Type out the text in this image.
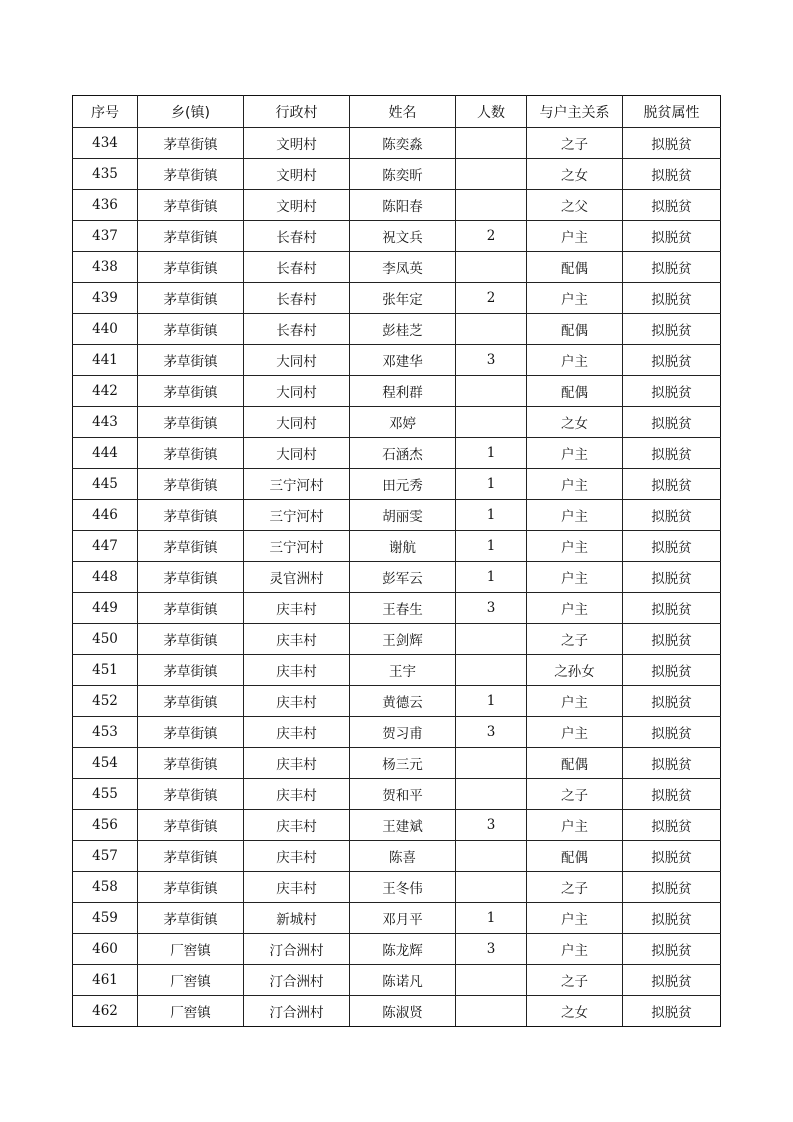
序号	乡(镇)	行政村	姓名	人数	与户主关系	脱贫属性
434	茅草街镇	文明村	陈奕淼		之子	拟脱贫
435	茅草街镇	文明村	陈奕昕		之女	拟脱贫
436	茅草街镇	文明村	陈阳春		之父	拟脱贫
437	茅草街镇	长春村	祝文兵	2	户主	拟脱贫
438	茅草街镇	长春村	李凤英		配偶	拟脱贫
439	茅草街镇	长春村	张年定	2	户主	拟脱贫
440	茅草街镇	长春村	彭桂芝		配偶	拟脱贫
441	茅草街镇	大同村	邓建华	3	户主	拟脱贫
442	茅草街镇	大同村	程利群		配偶	拟脱贫
443	茅草街镇	大同村	邓婷		之女	拟脱贫
444	茅草街镇	大同村	石涵杰	1	户主	拟脱贫
445	茅草街镇	三宁河村	田元秀	1	户主	拟脱贫
446	茅草街镇	三宁河村	胡丽雯	1	户主	拟脱贫
447	茅草街镇	三宁河村	谢航	1	户主	拟脱贫
448	茅草街镇	灵官洲村	彭军云	1	户主	拟脱贫
449	茅草街镇	庆丰村	王春生	3	户主	拟脱贫
450	茅草街镇	庆丰村	王剑辉		之子	拟脱贫
451	茅草街镇	庆丰村	王宇		之孙女	拟脱贫
452	茅草街镇	庆丰村	黄德云	1	户主	拟脱贫
453	茅草街镇	庆丰村	贺习甫	3	户主	拟脱贫
454	茅草街镇	庆丰村	杨三元		配偶	拟脱贫
455	茅草街镇	庆丰村	贺和平		之子	拟脱贫
456	茅草街镇	庆丰村	王建斌	3	户主	拟脱贫
457	茅草街镇	庆丰村	陈喜		配偶	拟脱贫
458	茅草街镇	庆丰村	王冬伟		之子	拟脱贫
459	茅草街镇	新城村	邓月平	1	户主	拟脱贫
460	厂窖镇	汀合洲村	陈龙辉	3	户主	拟脱贫
461	厂窖镇	汀合洲村	陈诺凡		之子	拟脱贫
462	厂窖镇	汀合洲村	陈淑贤		之女	拟脱贫
